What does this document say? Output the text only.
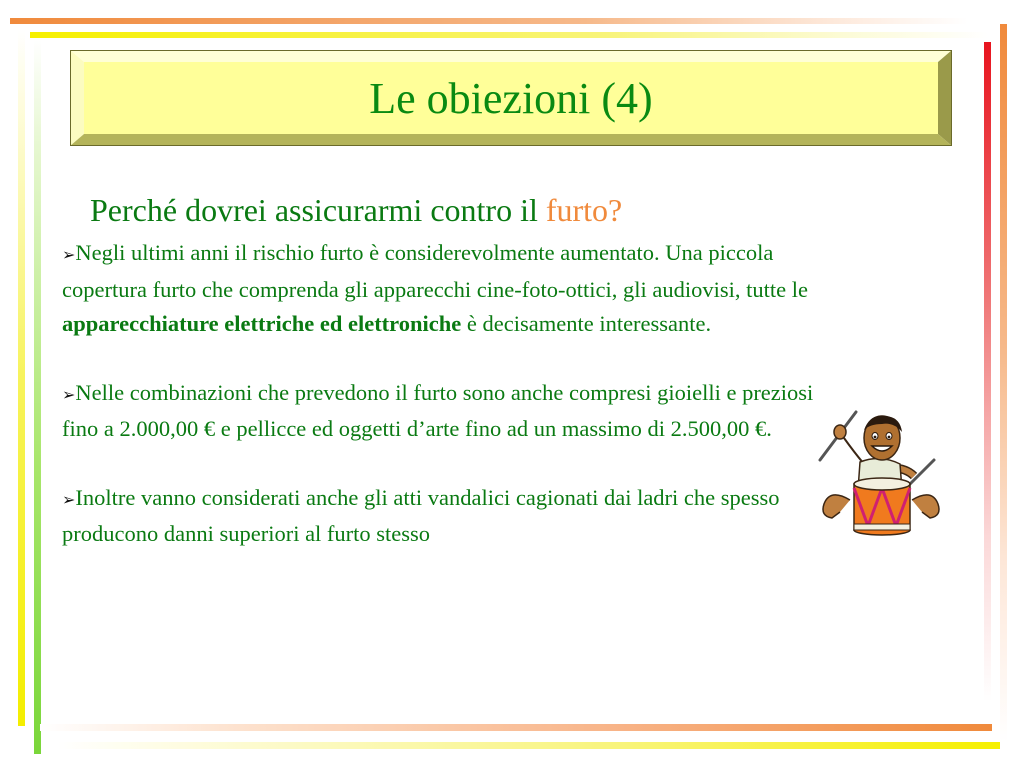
Le obiezioni (4)
Perché dovrei assicurarmi contro il furto?
➢Negli ultimi anni il rischio furto è considerevolmente aumentato. Una piccola copertura furto che comprenda gli apparecchi cine-foto-ottici, gli audiovisi, tutte le apparecchiature elettriche ed elettroniche è decisamente interessante.
➢Nelle combinazioni che prevedono il furto sono anche compresi gioielli e preziosi fino a 2.000,00 € e pellicce ed oggetti d’arte fino ad un massimo di 2.500,00 €.
➢Inoltre vanno considerati anche gli atti vandalici cagionati dai ladri che spesso producono danni superiori al furto stesso
